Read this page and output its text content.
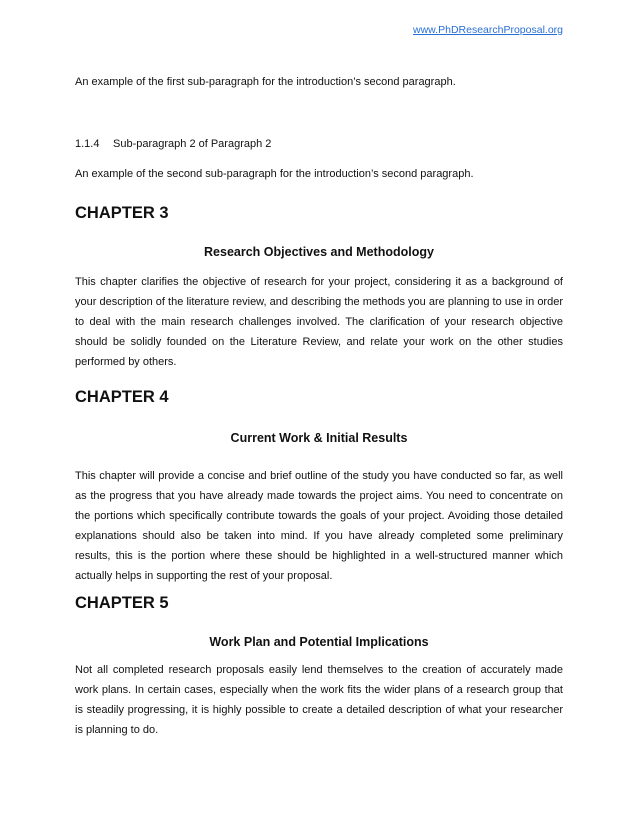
www.PhDResearchProposal.org

An example of the first sub-paragraph for the introduction’s second paragraph.

1.1.4 Sub-paragraph 2 of Paragraph 2

An example of the second sub-paragraph for the introduction’s second paragraph.

CHAPTER 3
Research Objectives and Methodology

This chapter clarifies the objective of research for your project, considering it as a background of your description of the literature review, and describing the methods you are planning to use in order to deal with the main research challenges involved. The clarification of your research objective should be solidly founded on the Literature Review, and relate your work on the other studies performed by others.

CHAPTER 4
Current Work & Initial Results

This chapter will provide a concise and brief outline of the study you have conducted so far, as well as the progress that you have already made towards the project aims. You need to concentrate on the portions which specifically contribute towards the goals of your project. Avoiding those detailed explanations should also be taken into mind. If you have already completed some preliminary results, this is the portion where these should be highlighted in a well-structured manner which actually helps in supporting the rest of your proposal.

CHAPTER 5
Work Plan and Potential Implications

Not all completed research proposals easily lend themselves to the creation of accurately made work plans. In certain cases, especially when the work fits the wider plans of a research group that is steadily progressing, it is highly possible to create a detailed description of what your researcher is planning to do.
